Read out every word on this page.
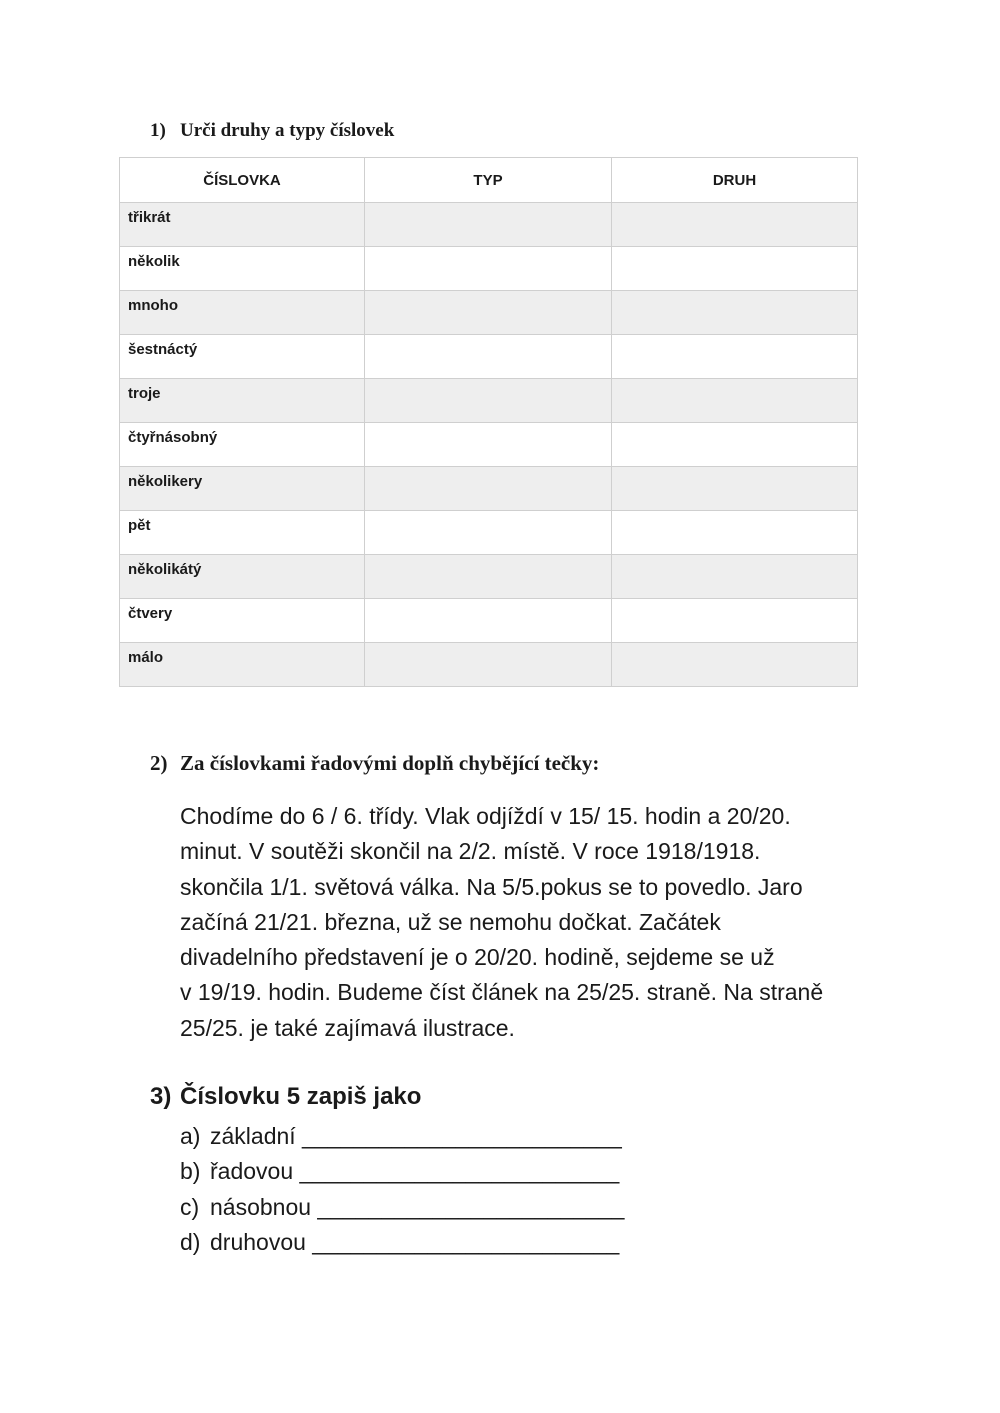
1) Urči druhy a typy číslovek
ČÍSLOVKA	TYP	DRUH
třikrát		
několik		
mnoho		
šestnáctý		
troje		
čtyřnásobný		
několikery		
pět		
několikátý		
čtvery		
málo		
2) Za číslovkami řadovými doplň chybějící tečky:

Chodíme do 6 / 6. třídy. Vlak odjíždí v 15/ 15. hodin a 20/20.
minut. V soutěži skončil na 2/2. místě. V roce 1918/1918.
skončila 1/1. světová válka. Na 5/5.pokus se to povedlo. Jaro
začíná 21/21. března, už se nemohu dočkat. Začátek
divadelního představení je o 20/20. hodině, sejdeme se už
v 19/19. hodin. Budeme číst článek na 25/25. straně. Na straně
25/25. je také zajímavá ilustrace.

3) Číslovku 5 zapiš jako
a) základní _________________________
b) řadovou _________________________
c) násobnou ________________________
d) druhovou ________________________
